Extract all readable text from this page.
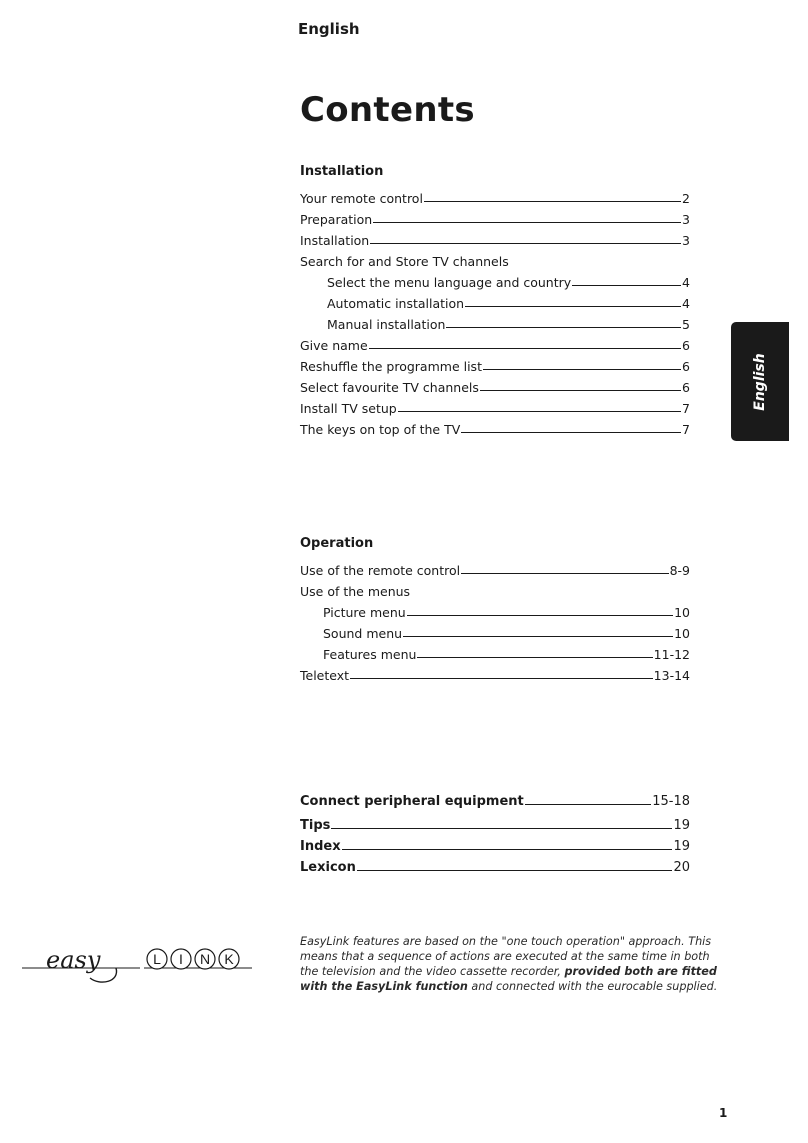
English
Contents
Installation
Your remote control	2
Preparation	3
Installation	3
Search for and Store TV channels
Select the menu language and country	4
Automatic installation	4
Manual installation	5
Give name	6
Reshuffle the programme list	6
Select favourite TV channels	6
Install TV setup	7
The keys on top of the TV	7
Operation
Use of the remote control	8-9
Use of the menus
Picture menu	10
Sound menu	10
Features menu	11-12
Teletext	13-14
Connect peripheral equipment	15-18
Tips	19
Index	19
Lexicon	20
English
easy	L I N K
EasyLink features are based on the "one touch operation" approach. This means that a sequence of actions are executed at the same time in both the television and the video cassette recorder, provided both are fitted with the EasyLink function and connected with the eurocable supplied.
1
